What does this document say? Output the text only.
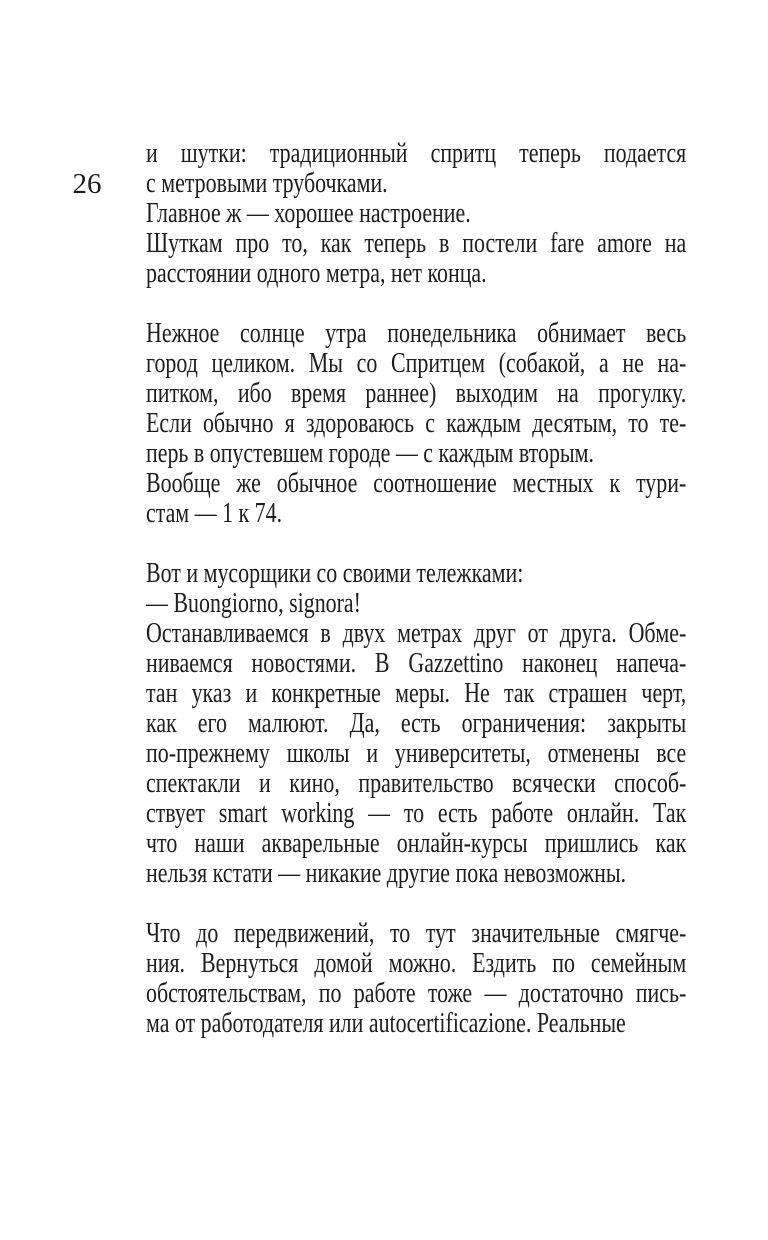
26
и шутки: традиционный спритц теперь подается
с метровыми трубочками.
Главное ж — хорошее настроение.
Шуткам про то, как теперь в постели fare amore на
расстоянии одного метра, нет конца.
Нежное солнце утра понедельника обнимает весь
город целиком. Мы со Спритцем (собакой, а не на-
питком, ибо время раннее) выходим на прогулку.
Если обычно я здороваюсь с каждым десятым, то те-
перь в опустевшем городе — с каждым вторым.
Вообще же обычное соотношение местных к тури-
стам — 1 к 74.
Вот и мусорщики со своими тележками:
— Buongiorno, signora!
Останавливаемся в двух метрах друг от друга. Обме-
ниваемся новостями. В Gazzettino наконец напеча-
тан указ и конкретные меры. Не так страшен черт,
как его малюют. Да, есть ограничения: закрыты
по-прежнему школы и университеты, отменены все
спектакли и кино, правительство всячески способ-
ствует smart working — то есть работе онлайн. Так
что наши акварельные онлайн-курсы пришлись как
нельзя кстати — никакие другие пока невозможны.
Что до передвижений, то тут значительные смягче-
ния. Вернуться домой можно. Ездить по семейным
обстоятельствам, по работе тоже — достаточно пись-
ма от работодателя или autocertificazione. Реальные
